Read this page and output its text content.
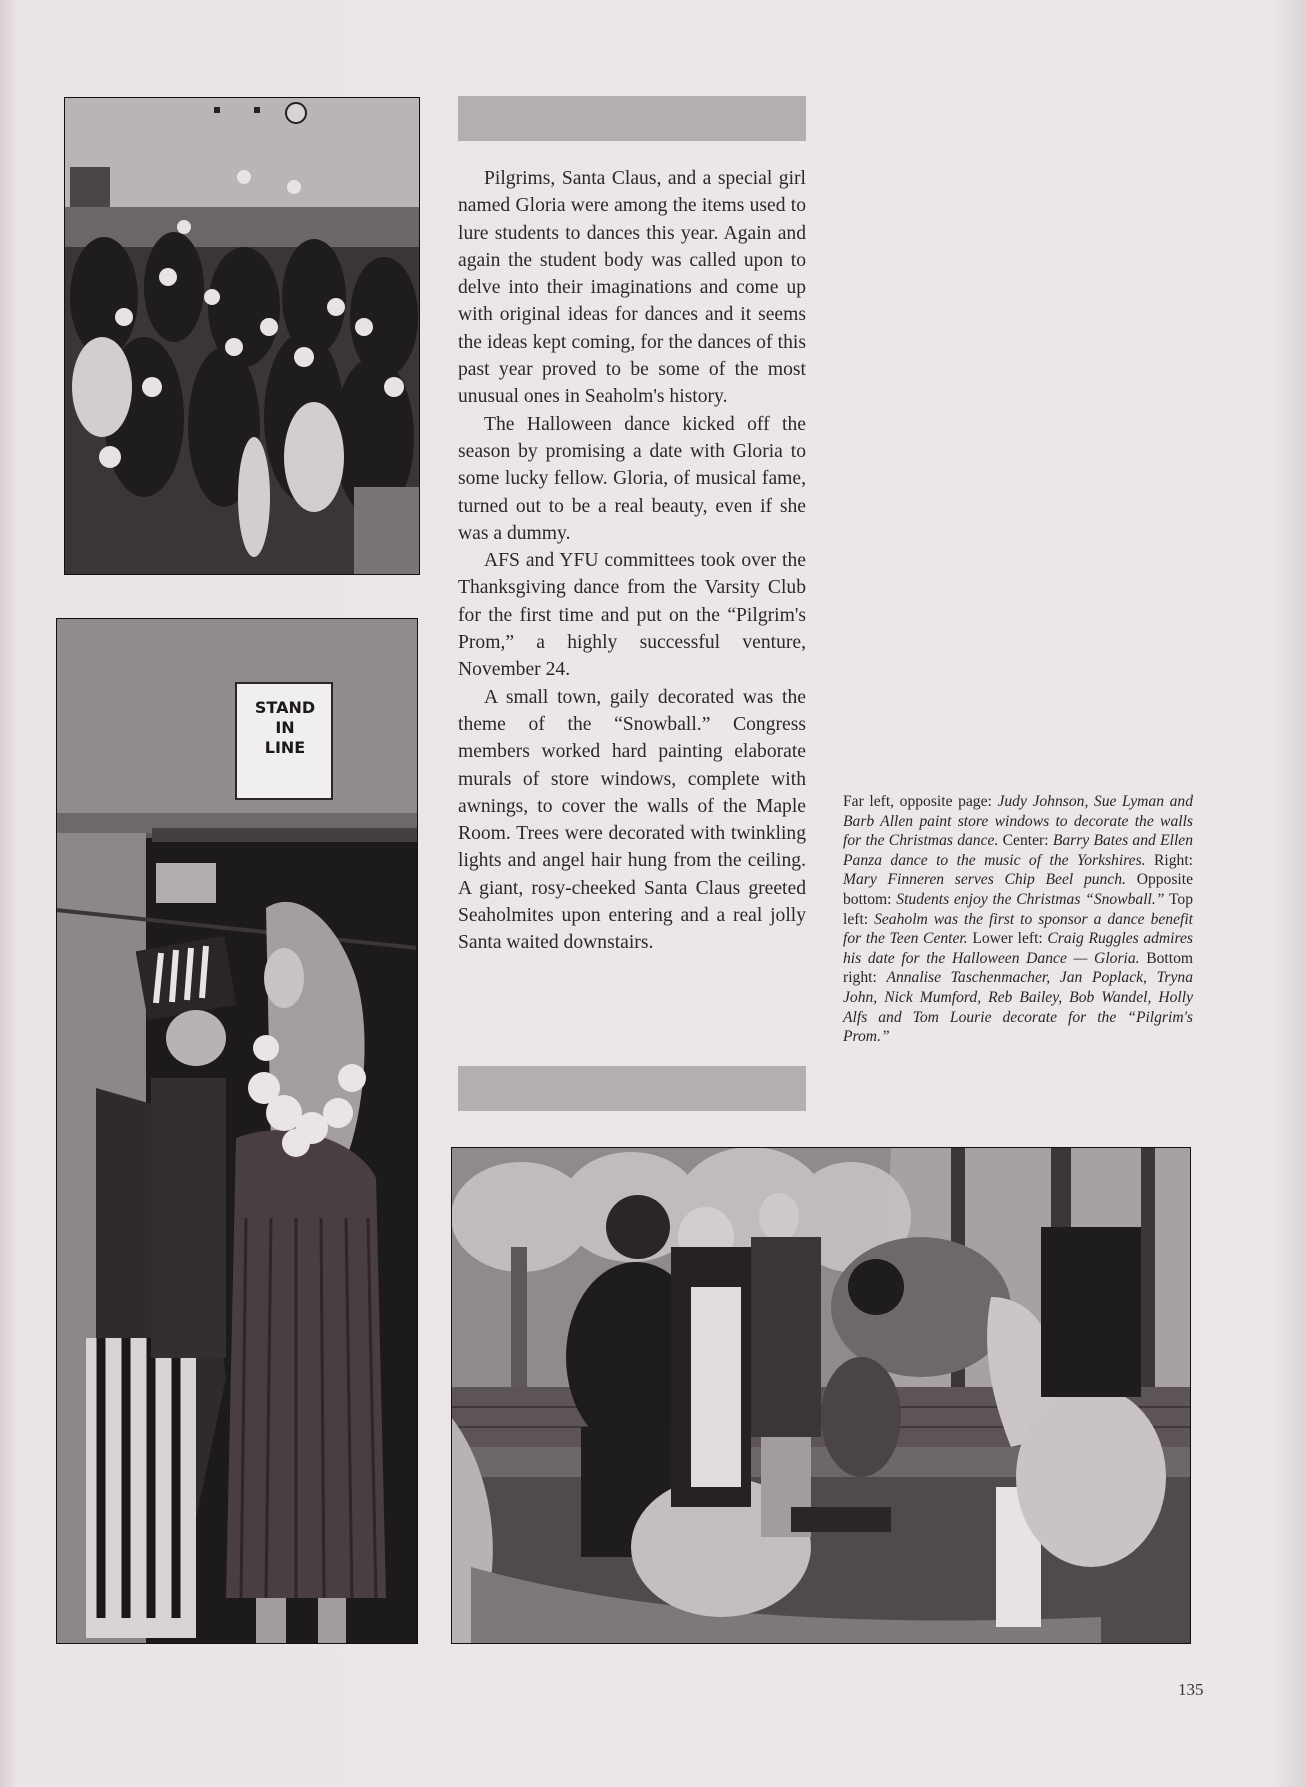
STAND IN LINE

Pilgrims, Santa Claus, and a special girl named Gloria were among the items used to lure students to dances this year. Again and again the student body was called upon to delve into their imaginations and come up with original ideas for dances and it seems the ideas kept coming, for the dances of this past year proved to be some of the most unusual ones in Seaholm's history.

The Halloween dance kicked off the season by promising a date with Gloria to some lucky fellow. Gloria, of musical fame, turned out to be a real beauty, even if she was a dummy.

AFS and YFU committees took over the Thanksgiving dance from the Varsity Club for the first time and put on the “Pilgrim's Prom,” a highly successful venture, November 24.

A small town, gaily decorated was the theme of the “Snowball.” Congress members worked hard painting elaborate murals of store windows, complete with awnings, to cover the walls of the Maple Room. Trees were decorated with twinkling lights and angel hair hung from the ceiling. A giant, rosy-cheeked Santa Claus greeted Seaholmites upon entering and a real jolly Santa waited downstairs.

Far left, opposite page: Judy Johnson, Sue Lyman and Barb Allen paint store windows to decorate the walls for the Christmas dance. Center: Barry Bates and Ellen Panza dance to the music of the Yorkshires. Right: Mary Finneren serves Chip Beel punch. Opposite bottom: Students enjoy the Christmas “Snowball.” Top left: Seaholm was the first to sponsor a dance benefit for the Teen Center. Lower left: Craig Ruggles admires his date for the Halloween Dance — Gloria. Bottom right: Annalise Taschenmacher, Jan Poplack, Tryna John, Nick Mumford, Reb Bailey, Bob Wandel, Holly Alfs and Tom Lourie decorate for the “Pilgrim's Prom.”
135
